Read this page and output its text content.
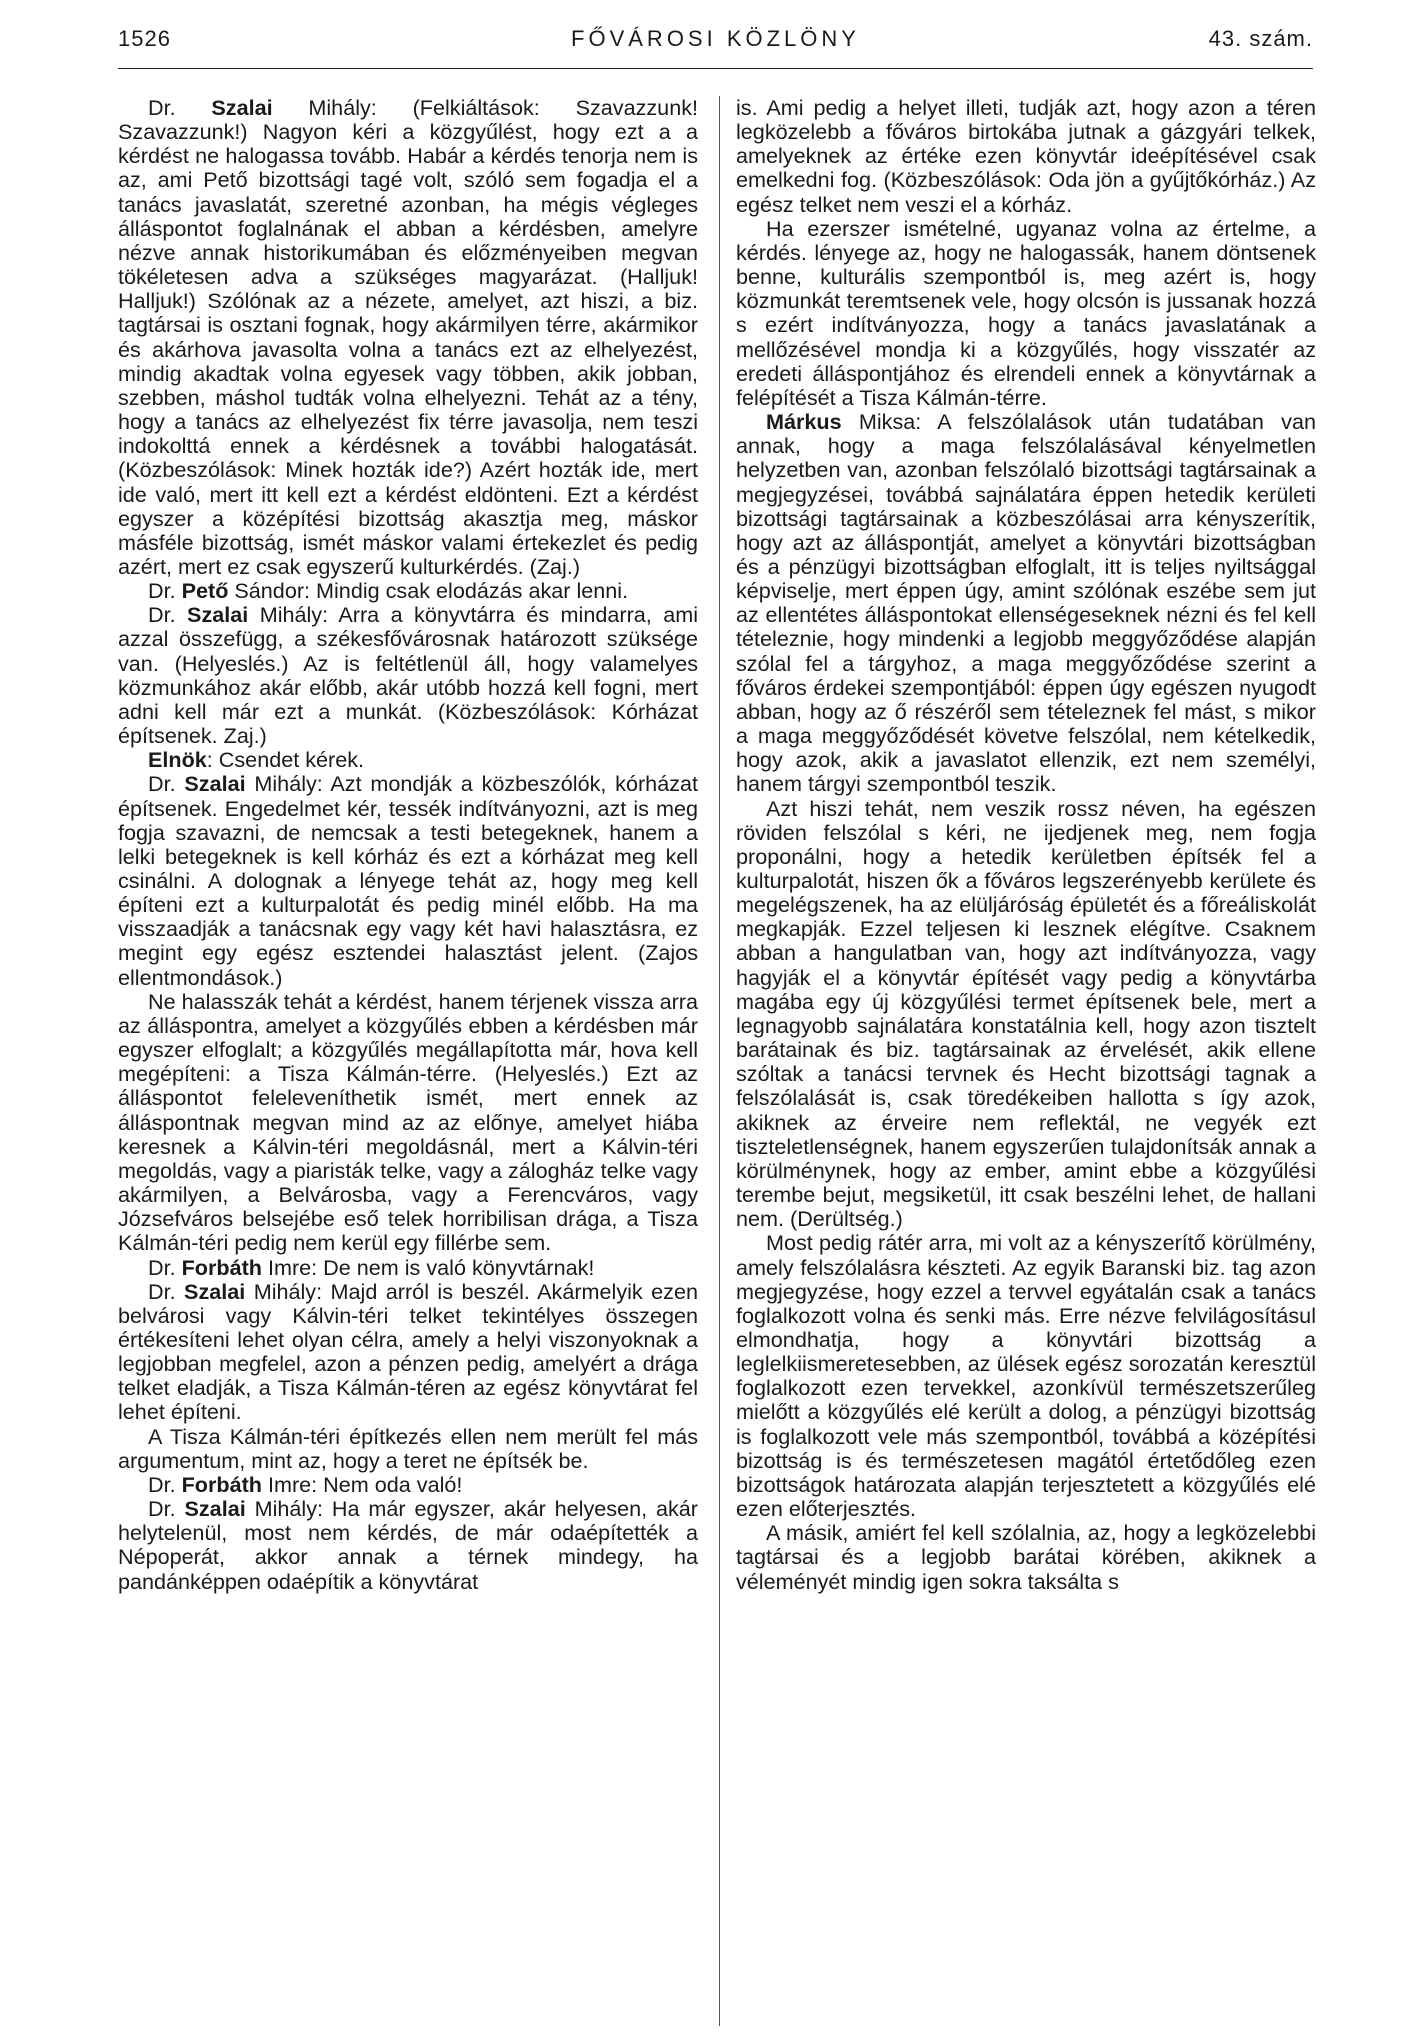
1526	FŐVÁROSI KÖZLÖNY	43. szám.

Dr. Szalai Mihály: (Felkiáltások: Szavazzunk! Szavazzunk!) Nagyon kéri a közgyűlést, hogy ezt a a kérdést ne halogassa tovább. Habár a kérdés tenorja nem is az, ami Pető bizottsági tagé volt, szóló sem fogadja el a tanács javaslatát, szeretné azonban, ha mégis végleges álláspontot foglalnának el abban a kérdésben, amelyre nézve annak historikumában és előzményeiben megvan tökéletesen adva a szükséges magyarázat. (Halljuk! Halljuk!) Szólónak az a nézete, amelyet, azt hiszi, a biz. tagtársai is osztani fognak, hogy akármilyen térre, akármikor és akárhova javasolta volna a tanács ezt az elhelyezést, mindig akadtak volna egyesek vagy többen, akik jobban, szebben, máshol tudták volna elhelyezni. Tehát az a tény, hogy a tanács az elhelyezést fix térre javasolja, nem teszi indokolttá ennek a kérdésnek a további halogatását. (Közbeszólások: Minek hozták ide?) Azért hozták ide, mert ide való, mert itt kell ezt a kérdést eldönteni. Ezt a kérdést egyszer a középítési bizottság akasztja meg, máskor másféle bizottság, ismét máskor valami értekezlet és pedig azért, mert ez csak egyszerű kulturkérdés. (Zaj.)

Dr. Pető Sándor: Mindig csak elodázás akar lenni.

Dr. Szalai Mihály: Arra a könyvtárra és mindarra, ami azzal összefügg, a székesfővárosnak határozott szüksége van. (Helyeslés.) Az is feltétlenül áll, hogy valamelyes közmunkához akár előbb, akár utóbb hozzá kell fogni, mert adni kell már ezt a munkát. (Közbeszólások: Kórházat építsenek. Zaj.)

Elnök: Csendet kérek.

Dr. Szalai Mihály: Azt mondják a közbeszólók, kórházat építsenek. Engedelmet kér, tessék indítványozni, azt is meg fogja szavazni, de nemcsak a testi betegeknek, hanem a lelki betegeknek is kell kórház és ezt a kórházat meg kell csinálni. A dolognak a lényege tehát az, hogy meg kell építeni ezt a kulturpalotát és pedig minél előbb. Ha ma visszaadják a tanácsnak egy vagy két havi halasztásra, ez megint egy egész esztendei halasztást jelent. (Zajos ellentmondások.)

Ne halasszák tehát a kérdést, hanem térjenek vissza arra az álláspontra, amelyet a közgyűlés ebben a kérdésben már egyszer elfoglalt; a közgyűlés megállapította már, hova kell megépíteni: a Tisza Kálmán-térre. (Helyeslés.) Ezt az álláspontot feleleveníthetik ismét, mert ennek az álláspontnak megvan mind az az előnye, amelyet hiába keresnek a Kálvin-téri megoldásnál, mert a Kálvin-téri megoldás, vagy a piaristák telke, vagy a zálogház telke vagy akármilyen, a Belvárosba, vagy a Ferencváros, vagy Józsefváros belsejébe eső telek horribilisan drága, a Tisza Kálmán-téri pedig nem kerül egy fillérbe sem.

Dr. Forbáth Imre: De nem is való könyvtárnak!

Dr. Szalai Mihály: Majd arról is beszél. Akármelyik ezen belvárosi vagy Kálvin-téri telket tekintélyes összegen értékesíteni lehet olyan célra, amely a helyi viszonyoknak a legjobban megfelel, azon a pénzen pedig, amelyért a drága telket eladják, a Tisza Kálmán-téren az egész könyvtárat fel lehet építeni.

A Tisza Kálmán-téri építkezés ellen nem merült fel más argumentum, mint az, hogy a teret ne építsék be.

Dr. Forbáth Imre: Nem oda való!

Dr. Szalai Mihály: Ha már egyszer, akár helyesen, akár helytelenül, most nem kérdés, de már odaépítették a Népoperát, akkor annak a térnek mindegy, ha pandánképpen odaépítik a könyvtárat

is. Ami pedig a helyet illeti, tudják azt, hogy azon a téren legközelebb a főváros birtokába jutnak a gázgyári telkek, amelyeknek az értéke ezen könyvtár ideépítésével csak emelkedni fog. (Közbeszólások: Oda jön a gyűjtőkórház.) Az egész telket nem veszi el a kórház.

Ha ezerszer ismételné, ugyanaz volna az értelme, a kérdés. lényege az, hogy ne halogassák, hanem döntsenek benne, kulturális szempontból is, meg azért is, hogy közmunkát teremtsenek vele, hogy olcsón is jussanak hozzá s ezért indítványozza, hogy a tanács javaslatának a mellőzésével mondja ki a közgyűlés, hogy visszatér az eredeti álláspontjához és elrendeli ennek a könyvtárnak a felépítését a Tisza Kálmán-térre.

Márkus Miksa: A felszólalások után tudatában van annak, hogy a maga felszólalásával kényelmetlen helyzetben van, azonban felszólaló bizottsági tagtársainak a megjegyzései, továbbá sajnálatára éppen hetedik kerületi bizottsági tagtársainak a közbeszólásai arra kényszerítik, hogy azt az álláspontját, amelyet a könyvtári bizottságban és a pénzügyi bizottságban elfoglalt, itt is teljes nyiltsággal képviselje, mert éppen úgy, amint szólónak eszébe sem jut az ellentétes álláspontokat ellenségeseknek nézni és fel kell tételeznie, hogy mindenki a legjobb meggyőződése alapján szólal fel a tárgyhoz, a maga meggyőződése szerint a főváros érdekei szempontjából: éppen úgy egészen nyugodt abban, hogy az ő részéről sem tételeznek fel mást, s mikor a maga meggyőződését követve felszólal, nem kételkedik, hogy azok, akik a javaslatot ellenzik, ezt nem személyi, hanem tárgyi szempontból teszik.

Azt hiszi tehát, nem veszik rossz néven, ha egészen röviden felszólal s kéri, ne ijedjenek meg, nem fogja proponálni, hogy a hetedik kerületben építsék fel a kulturpalotát, hiszen ők a főváros legszerényebb kerülete és megelégszenek, ha az elüljáróság épületét és a főreáliskolát megkapják. Ezzel teljesen ki lesznek elégítve. Csaknem abban a hangulatban van, hogy azt indítványozza, vagy hagyják el a könyvtár építését vagy pedig a könyvtárba magába egy új közgyűlési termet építsenek bele, mert a legnagyobb sajnálatára konstatálnia kell, hogy azon tisztelt barátainak és biz. tagtársainak az érvelését, akik ellene szóltak a tanácsi tervnek és Hecht bizottsági tagnak a felszólalását is, csak töredékeiben hallotta s így azok, akiknek az érveire nem reflektál, ne vegyék ezt tiszteletlenségnek, hanem egyszerűen tulajdonítsák annak a körülménynek, hogy az ember, amint ebbe a közgyűlési terembe bejut, megsiketül, itt csak beszélni lehet, de hallani nem. (Derültség.)

Most pedig rátér arra, mi volt az a kényszerítő körülmény, amely felszólalásra készteti. Az egyik Baranski biz. tag azon megjegyzése, hogy ezzel a tervvel egyátalán csak a tanács foglalkozott volna és senki más. Erre nézve felvilágosításul elmondhatja, hogy a könyvtári bizottság a leglelkiismeretesebben, az ülések egész sorozatán keresztül foglalkozott ezen tervekkel, azonkívül természetszerűleg mielőtt a közgyűlés elé került a dolog, a pénzügyi bizottság is foglalkozott vele más szempontból, továbbá a középítési bizottság is és természetesen magától értetődőleg ezen bizottságok határozata alapján terjesztetett a közgyűlés elé ezen előterjesztés.

A másik, amiért fel kell szólalnia, az, hogy a legközelebbi tagtársai és a legjobb barátai körében, akiknek a véleményét mindig igen sokra taksálta s
